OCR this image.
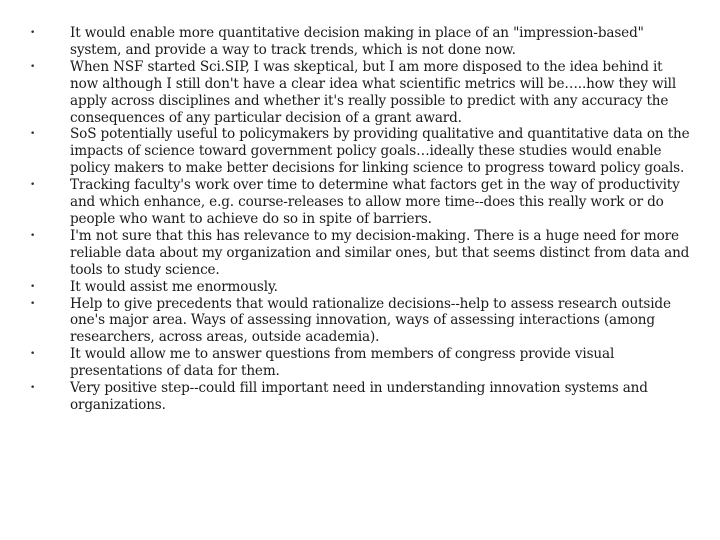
•	It would enable more quantitative decision making in place of an "impression-based" system, and provide a way to track trends, which is not done now.
•	When NSF started Sci.SIP, I was skeptical, but I am more disposed to the idea behind it now although I still don't have a clear idea what scientific metrics will be…..how they will apply across disciplines and whether it's really possible to predict with any accuracy the consequences of any particular decision of a grant award.
•	SoS potentially useful to policymakers by providing qualitative and quantitative data on the impacts of science toward government policy goals…ideally these studies would enable policy makers to make better decisions for linking science to progress toward policy goals.
•	Tracking faculty's work over time to determine what factors get in the way of productivity and which enhance, e.g. course-releases to allow more time--does this really work or do people who want to achieve do so in spite of barriers.
•	I'm not sure that this has relevance to my decision-making. There is a huge need for more reliable data about my organization and similar ones, but that seems distinct from data and tools to study science.
•	It would assist me enormously.
•	Help to give precedents that would rationalize decisions--help to assess research outside one's major area. Ways of assessing innovation, ways of assessing interactions (among researchers, across areas, outside academia).
•	It would allow me to answer questions from members of congress provide visual presentations of data for them.
•	Very positive step--could fill important need in understanding innovation systems and organizations.
